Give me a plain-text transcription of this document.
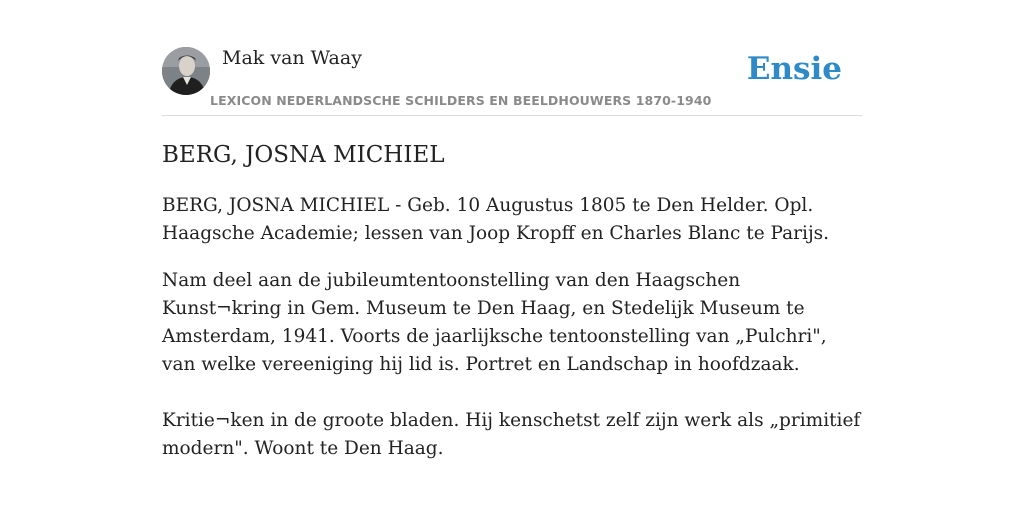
Mak van Waay
LEXICON NEDERLANDSCHE SCHILDERS EN BEELDHOUWERS 1870-1940
Ensie
BERG, JOSNA MICHIEL

BERG, JOSNA MICHIEL - Geb. 10 Augustus 1805 te Den Helder. Opl. Haagsche Academie; lessen van Joop Kropff en Charles Blanc te Parijs.

Nam deel aan de jubileumtentoonstelling van den Haagschen Kunst¬kring in Gem. Museum te Den Haag, en Stedelijk Museum te Amsterdam, 1941. Voorts de jaarlijksche tentoonstelling van „Pulchri", van welke vereeniging hij lid is. Portret en Landschap in hoofdzaak.

Kritie¬ken in de groote bladen. Hij kenschetst zelf zijn werk als „primitief modern". Woont te Den Haag.
